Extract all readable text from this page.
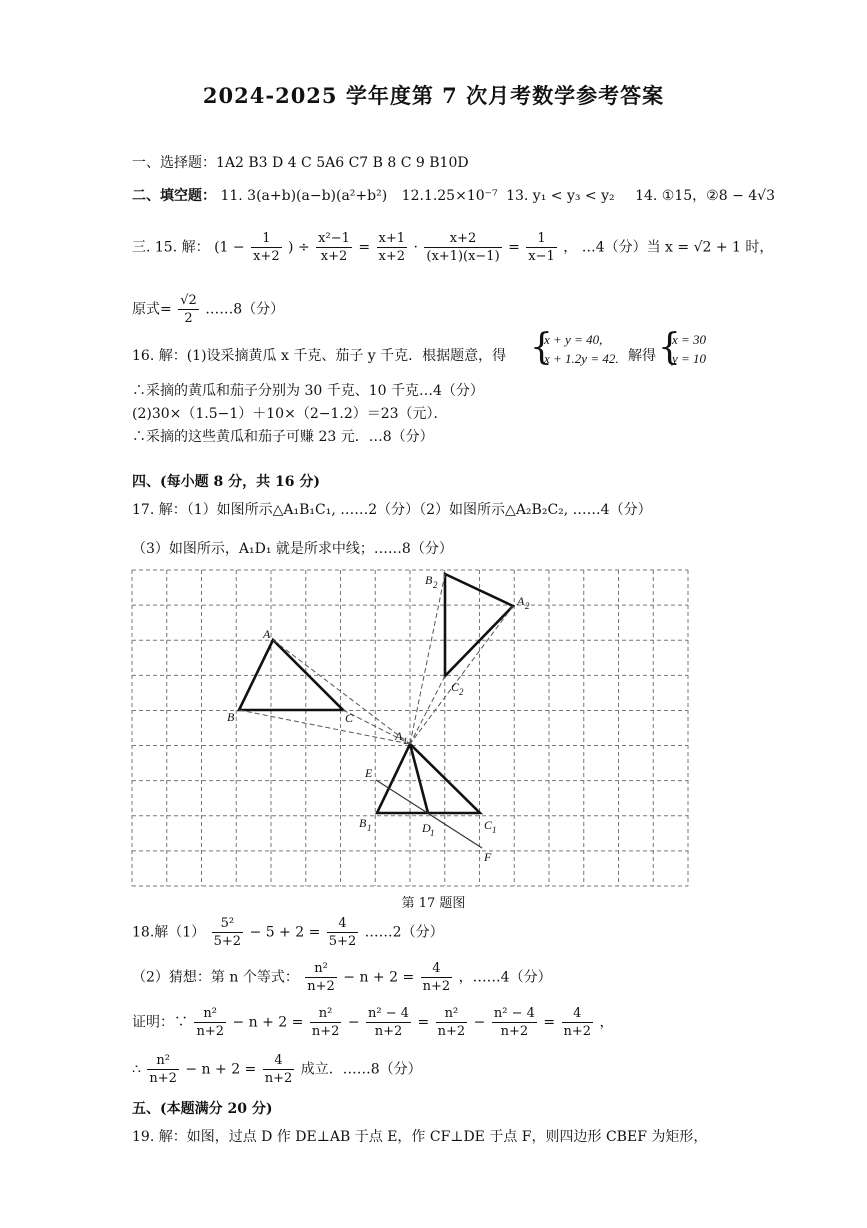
2024-2025 学年度第 7 次月考数学参考答案
一、选择题：1A2 B3 D 4 C 5A6 C7 B 8 C 9 B10D
二、填空题： 11. 3(a+b)(a−b)(a²+b²) 12.1.25×10⁻⁷ 13. y₁ < y₃ < y₂ 14. ①15，②8 − 4√3
三. 15. 解： ($1 - \frac{1}{x+2}$ ) ÷ $\frac{\text{x²−1}}{x+2} = \frac{x+1}{x+2} \cdot \frac{x+2}{(x+1)(x-1)} = \frac{1}{x-1}$ ， …4（分）当 x = √2 + 1 时，
原式= $\frac{√2}{2}$ ……8（分）
16. 解：(1)设采摘黄瓜 x 千克、茄子 y 千克．根据题意，得 {
x + y = 40,
x + 1.2y = 42. 解得 {
x = 30
y = 10
∴采摘的黄瓜和茄子分别为 30 千克、10 千克…4（分）
(2)30×（1.5−1）＋10×（2−1.2）＝23（元）．
∴采摘的这些黄瓜和茄子可赚 23 元．…8（分）
四、(每小题 8 分，共 16 分)
17. 解：（1）如图所示△A₁B₁C₁, ……2（分）（2）如图所示△A₂B₂C₂, ……4（分）
（3）如图所示，A₁D₁ 就是所求中线；……8（分）
A
B	C
B 2
A 2
C 2
A 1
B 1	D 1
C 1
E
F
第 17 题图
18.解$(1) \frac{\text{5²}}{5+2} - 5 + 2 = \frac{4}{5+2}$ ……2（分）
（2）猜想：第 n 个等式： $\frac{\text{n²}}{n+2} - n + 2 = \frac{4}{n+2}$ ，……4（分）
证明：∵ $\frac{\text{n²}}{n+2} - n + 2 = \frac{\text{n²}}{n+2} - \frac{\text{n² − 4}}{n+2} = \frac{\text{n²}}{n+2} - \frac{\text{n² − 4}}{n+2} = \frac{4}{n+2}$ ，
∴ $\frac{\text{n²}}{n+2} - n + 2 = \frac{4}{n+2}$ 成立．……8（分）
五、(本题满分 20 分)
19. 解：如图，过点 D 作 DE⊥AB 于点 E，作 CF⊥DE 于点 F，则四边形 CBEF 为矩形，
